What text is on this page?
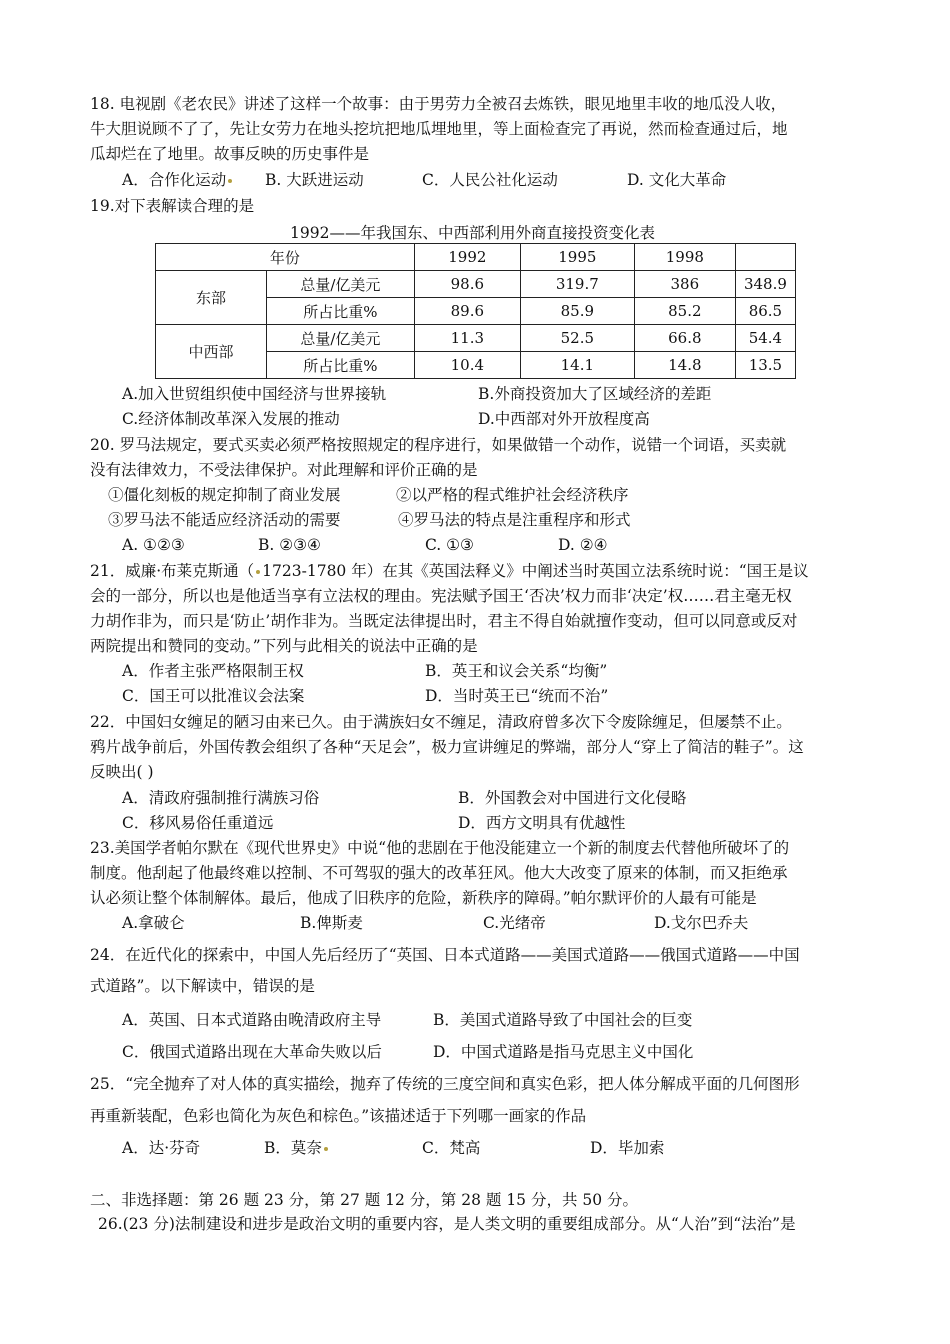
18. 电视剧《老农民》讲述了这样一个故事：由于男劳力全被召去炼铁，眼见地里丰收的地瓜没人收，
牛大胆说顾不了了，先让女劳力在地头挖坑把地瓜埋地里，等上面检查完了再说，然而检查通过后，地
瓜却烂在了地里。故事反映的历史事件是
A．合作化运动	B. 大跃进运动	C．人民公社化运动	D. 文化大革命
19.对下表解读合理的是
1992——年我国东、中西部利用外商直接投资变化表
年份		1992	1995	1998	
东部	总量/亿美元	98.6	319.7	386	348.9
	所占比重%	89.6	85.9	85.2	86.5
中西部	总量/亿美元	11.3	52.5	66.8	54.4
	所占比重%	10.4	14.1	14.8	13.5
A.加入世贸组织使中国经济与世界接轨	B.外商投资加大了区域经济的差距
C.经济体制改革深入发展的推动	D.中西部对外开放程度高
20. 罗马法规定，要式买卖必须严格按照规定的程序进行，如果做错一个动作，说错一个词语，买卖就
没有法律效力，不受法律保护。对此理解和评价正确的是
①僵化刻板的规定抑制了商业发展	②以严格的程式维护社会经济秩序
③罗马法不能适应经济活动的需要	④罗马法的特点是注重程序和形式
A. ①②③	B. ②③④	C. ①③	D. ②④
21．威廉·布莱克斯通（ 1723-1780 年）在其《英国法释义》中阐述当时英国立法系统时说：“国王是议
会的一部分，所以也是他适当享有立法权的理由。宪法赋予国王‘否决’权力而非‘决定’权……君主毫无权
力胡作非为，而只是‘防止’胡作非为。当既定法律提出时，君主不得自始就擅作变动，但可以同意或反对
两院提出和赞同的变动。”下列与此相关的说法中正确的是
A．作者主张严格限制王权	B．英王和议会关系“均衡”
C．国王可以批准议会法案	D．当时英王已“统而不治”
22．中国妇女缠足的陋习由来已久。由于满族妇女不缠足，清政府曾多次下令废除缠足，但屡禁不止。
鸦片战争前后，外国传教会组织了各种“天足会”，极力宣讲缠足的弊端，部分人“穿上了简洁的鞋子”。这
反映出( )
A．清政府强制推行满族习俗	B．外国教会对中国进行文化侵略
C．移风易俗任重道远	D．西方文明具有优越性
23.美国学者帕尔默在《现代世界史》中说“他的悲剧在于他没能建立一个新的制度去代替他所破坏了的
制度。他刮起了他最终难以控制、不可驾驭的强大的改革狂风。他大大改变了原来的体制，而又拒绝承
认必须让整个体制解体。最后，他成了旧秩序的危险，新秩序的障碍。”帕尔默评价的人最有可能是
A.拿破仑	B.俾斯麦	C.光绪帝	D.戈尔巴乔夫
24．在近代化的探索中，中国人先后经历了“英国、日本式道路——美国式道路——俄国式道路——中国
式道路”。以下解读中，错误的是
A．英国、日本式道路由晚清政府主导	B．美国式道路导致了中国社会的巨变
C．俄国式道路出现在大革命失败以后	D．中国式道路是指马克思主义中国化
25．“完全抛弃了对人体的真实描绘，抛弃了传统的三度空间和真实色彩，把人体分解成平面的几何图形
再重新装配，色彩也简化为灰色和棕色。”该描述适于下列哪一画家的作品
A．达·芬奇	B．莫奈	C．梵高	D．毕加索
二、非选择题：第 26 题 23 分，第 27 题 12 分，第 28 题 15 分，共 50 分。
26.(23 分)法制建设和进步是政治文明的重要内容，是人类文明的重要组成部分。从“人治”到“法治”是
